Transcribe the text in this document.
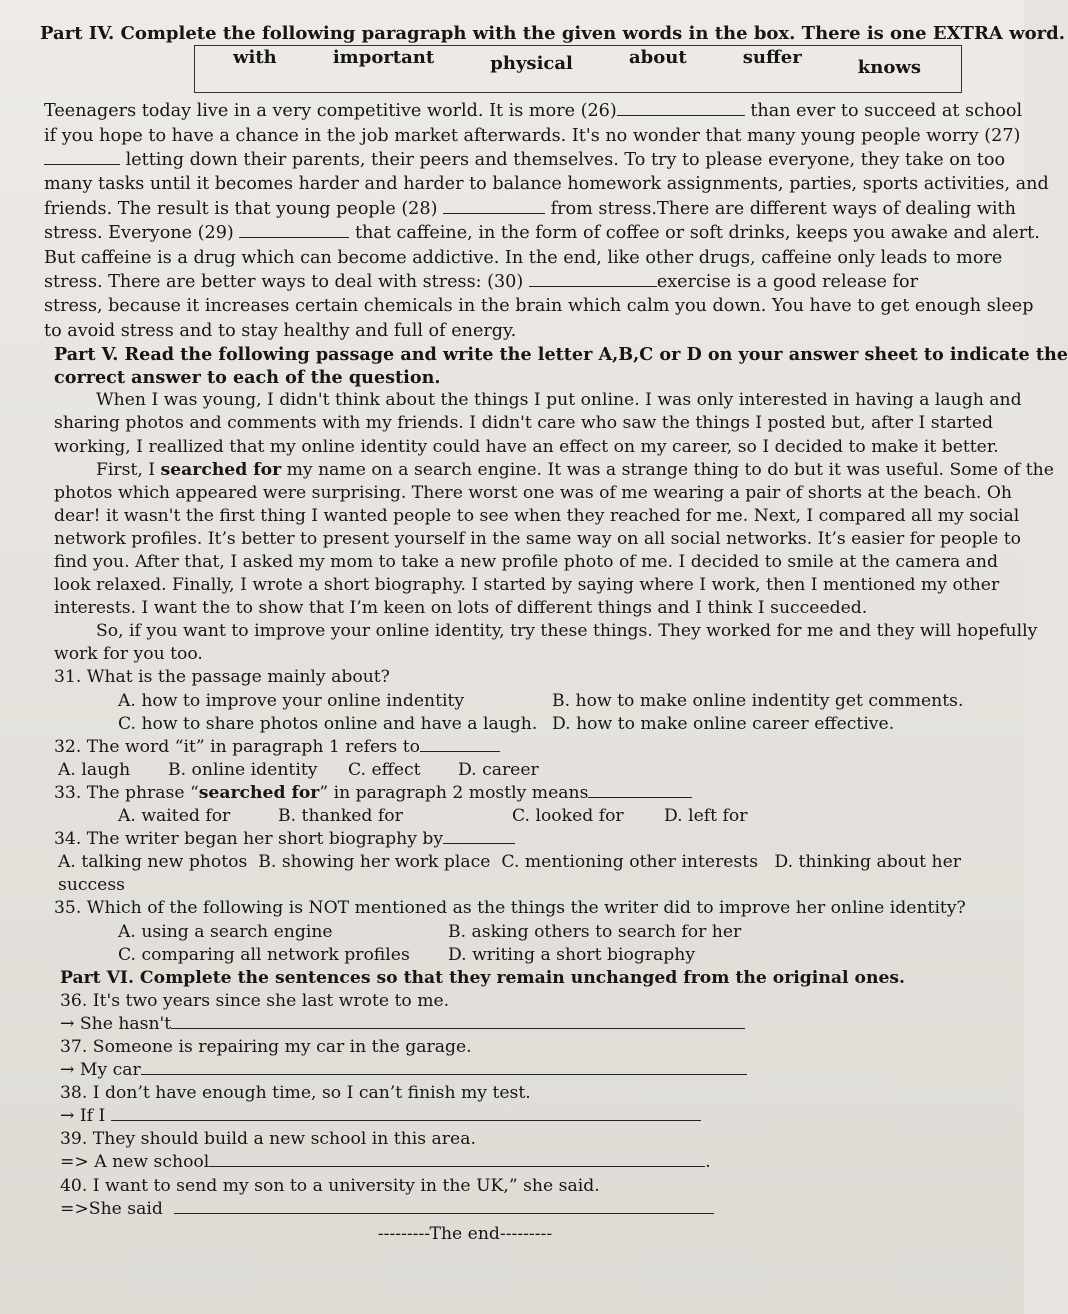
Part IV. Complete the following paragraph with the given words in the box. There is one EXTRA word.
with	important	physical	about	suffer	knows
Teenagers today live in a very competitive world. It is more (26)	than ever to succeed at school
if you hope to have a chance in the job market afterwards. It's no wonder that many young people worry (27)
letting down their parents, their peers and themselves. To try to please everyone, they take on too
many tasks until it becomes harder and harder to balance homework assignments, parties, sports activities, and
friends. The result is that young people (28)	from stress.There are different ways of dealing with
stress. Everyone (29)	that caffeine, in the form of coffee or soft drinks, keeps you awake and alert.
But caffeine is a drug which can become addictive. In the end, like other drugs, caffeine only leads to more
stress. There are better ways to deal with stress: (30)	exercise is a good release for
stress, because it increases certain chemicals in the brain which calm you down. You have to get enough sleep
to avoid stress and to stay healthy and full of energy.
Part V. Read the following passage and write the letter A,B,C or D on your answer sheet to indicate the
correct answer to each of the question.
When I was young, I didn't think about the things I put online. I was only interested in having a laugh and
sharing photos and comments with my friends. I didn't care who saw the things I posted but, after I started
working, I reallized that my online identity could have an effect on my career, so I decided to make it better.
First, I searched for my name on a search engine. It was a strange thing to do but it was useful. Some of the
photos which appeared were surprising. There worst one was of me wearing a pair of shorts at the beach. Oh
dear! it wasn't the first thing I wanted people to see when they reached for me. Next, I compared all my social
network profiles. It’s better to present yourself in the same way on all social networks. It’s easier for people to
find you. After that, I asked my mom to take a new profile photo of me. I decided to smile at the camera and
look relaxed. Finally, I wrote a short biography. I started by saying where I work, then I mentioned my other
interests. I want the to show that I’m keen on lots of different things and I think I succeeded.
So, if you want to improve your online identity, try these things. They worked for me and they will hopefully
work for you too.
31. What is the passage mainly about?
A. how to improve your online indentity	B. how to make online indentity get comments.
C. how to share photos online and have a laugh. D. how to make online career effective.
32. The word “it” in paragraph 1 refers to
A. laugh B. online identity C. effect D. career
33. The phrase “searched for” in paragraph 2 mostly means
A. waited for	B. thanked for	C. looked for D. left for
34. The writer began her short biography by
A. talking new photos B. showing her work place C. mentioning other interests D. thinking about her
success
35. Which of the following is NOT mentioned as the things the writer did to improve her online identity?
A. using a search engine	B. asking others to search for her
C. comparing all network profiles	D. writing a short biography
Part VI. Complete the sentences so that they remain unchanged from the original ones.
36. It's two years since she last wrote to me.
→ She hasn't
37. Someone is repairing my car in the garage.
→ My car
38. I don’t have enough time, so I can’t finish my test.
→ If I
39. They should build a new school in this area.
=> A new school	.
40. I want to send my son to a university in the UK,” she said.
=>She said
---------The end---------
